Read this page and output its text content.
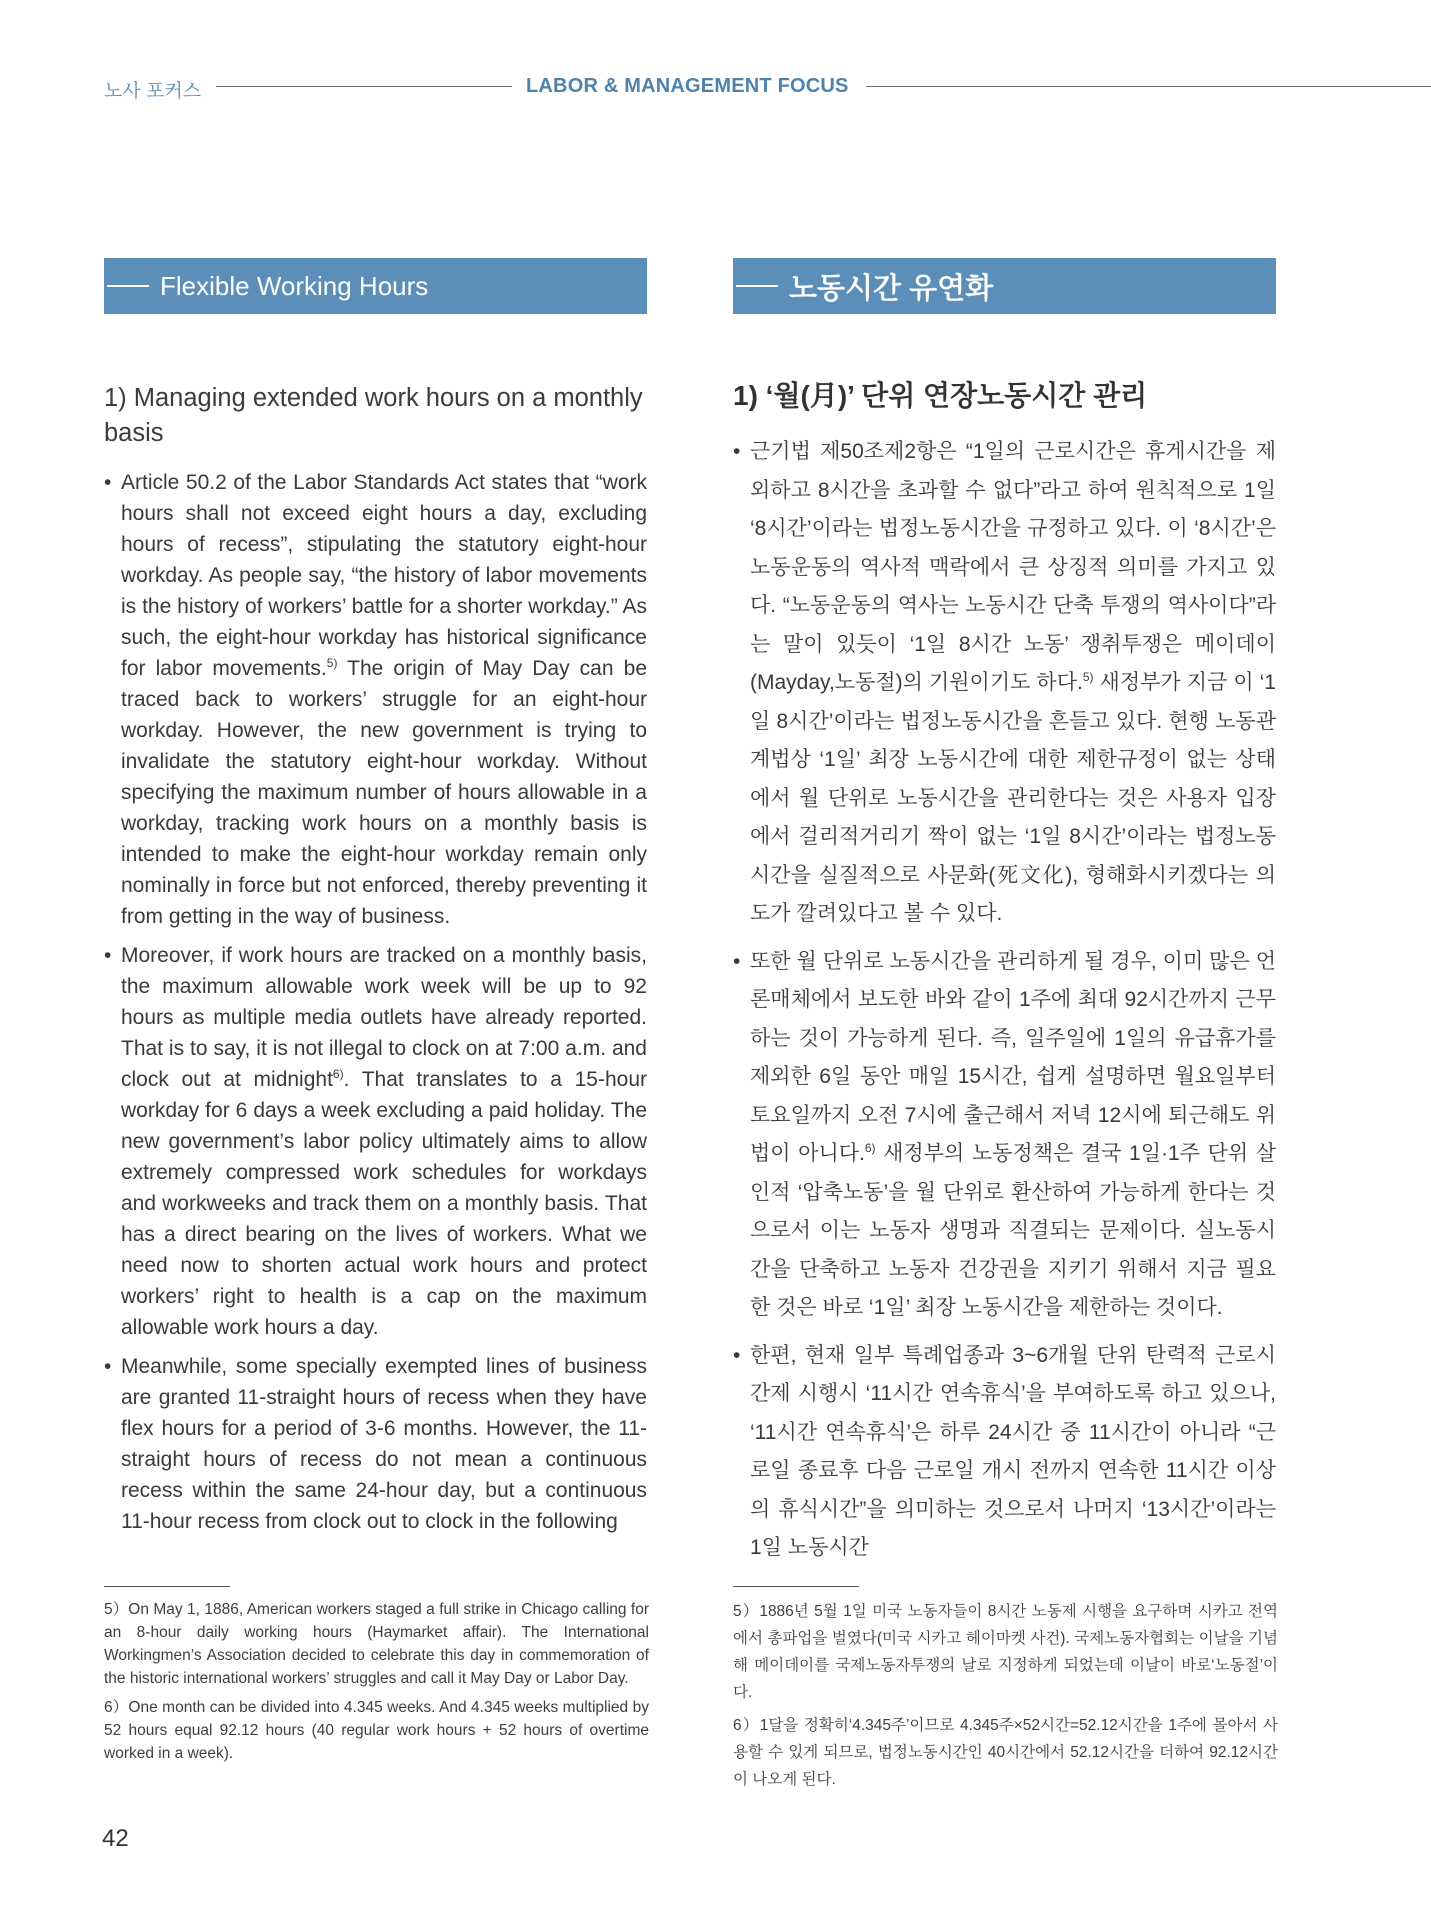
노사 포커스	LABOR & MANAGEMENT FOCUS
Flexible Working Hours
1) Managing extended work hours on a monthly basis
• Article 50.2 of the Labor Standards Act states that “work hours shall not exceed eight hours a day, excluding hours of recess”, stipulating the statutory eight-hour workday. As people say, “the history of labor movements is the history of workers’ battle for a shorter workday.” As such, the eight-hour workday has historical significance for labor movements.$^{5)}$ The origin of May Day can be traced back to workers’ struggle for an eight-hour workday. However, the new government is trying to invalidate the statutory eight-hour workday. Without specifying the maximum number of hours allowable in a workday, tracking work hours on a monthly basis is intended to make the eight-hour workday remain only nominally in force but not enforced, thereby preventing it from getting in the way of business.
• Moreover, if work hours are tracked on a monthly basis, the maximum allowable work week will be up to 92 hours as multiple media outlets have already reported. That is to say, it is not illegal to clock on at 7:00 a.m. and clock out at midnight$^{6)}$. That translates to a 15-hour workday for 6 days a week excluding a paid holiday. The new government’s labor policy ultimately aims to allow extremely compressed work schedules for workdays and workweeks and track them on a monthly basis. That has a direct bearing on the lives of workers. What we need now to shorten actual work hours and protect workers’ right to health is a cap on the maximum allowable work hours a day.
• Meanwhile, some specially exempted lines of business are granted 11-straight hours of recess when they have flex hours for a period of 3-6 months. However, the 11-straight hours of recess do not mean a continuous recess within the same 24-hour day, but a continuous 11-hour recess from clock out to clock in the following
노동시간 유연화
1) ‘월(月)’ 단위 연장노동시간 관리
• 근기법 제50조제2항은 “1일의 근로시간은 휴게시간을 제외하고 8시간을 초과할 수 없다”라고 하여 원칙적으로 1일 ‘8시간’이라는 법정노동시간을 규정하고 있다. 이 ‘8시간’은 노동운동의 역사적 맥락에서 큰 상징적 의미를 가지고 있다. “노동운동의 역사는 노동시간 단축 투쟁의 역사이다”라는 말이 있듯이 ‘1일 8시간 노동’ 쟁취투쟁은 메이데이(Mayday,노동절)의 기원이기도 하다.$^{5)}$ 새정부가 지금 이 ‘1일 8시간’이라는 법정노동시간을 흔들고 있다. 현행 노동관계법상 ‘1일’ 최장 노동시간에 대한 제한규정이 없는 상태에서 월 단위로 노동시간을 관리한다는 것은 사용자 입장에서 걸리적거리기 짝이 없는 ‘1일 8시간’이라는 법정노동시간을 실질적으로 사문화(死文化), 형해화시키겠다는 의도가 깔려있다고 볼 수 있다.
• 또한 월 단위로 노동시간을 관리하게 될 경우, 이미 많은 언론매체에서 보도한 바와 같이 1주에 최대 92시간까지 근무하는 것이 가능하게 된다. 즉, 일주일에 1일의 유급휴가를 제외한 6일 동안 매일 15시간, 쉽게 설명하면 월요일부터 토요일까지 오전 7시에 출근해서 저녁 12시에 퇴근해도 위법이 아니다.$^{6)}$ 새정부의 노동정책은 결국 1일·1주 단위 살인적 ‘압축노동’을 월 단위로 환산하여 가능하게 한다는 것으로서 이는 노동자 생명과 직결되는 문제이다. 실노동시간을 단축하고 노동자 건강권을 지키기 위해서 지금 필요한 것은 바로 ‘1일’ 최장 노동시간을 제한하는 것이다.
• 한편, 현재 일부 특례업종과 3~6개월 단위 탄력적 근로시간제 시행시 ‘11시간 연속휴식’을 부여하도록 하고 있으나, ‘11시간 연속휴식’은 하루 24시간 중 11시간이 아니라 “근로일 종료후 다음 근로일 개시 전까지 연속한 11시간 이상의 휴식시간”을 의미하는 것으로서 나머지 ‘13시간’이라는 1일 노동시간
5）On May 1, 1886, American workers staged a full strike in Chicago calling for an 8-hour daily working hours (Haymarket affair). The International Workingmen’s Association decided to celebrate this day in commemoration of the historic international workers’ struggles and call it May Day or Labor Day.
6）One month can be divided into 4.345 weeks. And 4.345 weeks multiplied by 52 hours equal 92.12 hours (40 regular work hours + 52 hours of overtime worked in a week).
5）1886년 5월 1일 미국 노동자들이 8시간 노동제 시행을 요구하며 시카고 전역에서 총파업을 벌였다(미국 시카고 헤이마켓 사건). 국제노동자협회는 이날을 기념해 메이데이를 국제노동자투쟁의 날로 지정하게 되었는데 이날이 바로‘노동절’이다.
6）1달을 정확히‘4.345주’이므로 4.345주×52시간=52.12시간을 1주에 몰아서 사용할 수 있게 되므로, 법정노동시간인 40시간에서 52.12시간을 더하여 92.12시간이 나오게 된다.
42
